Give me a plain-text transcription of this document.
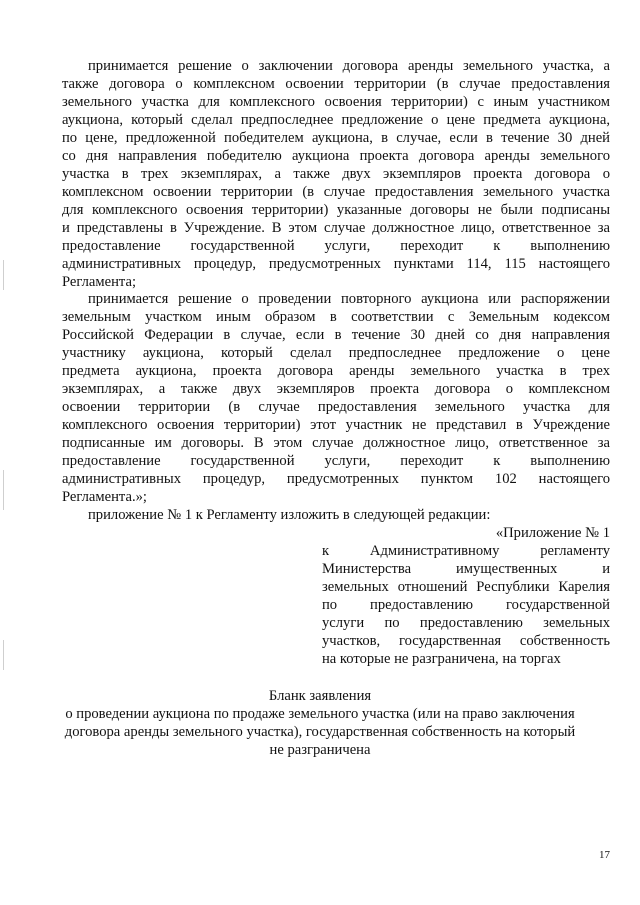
принимается решение о заключении договора аренды земельного участка, а
также договора о комплексном освоении территории (в случае предоставления
земельного участка для комплексного освоения территории) с иным участником
аукциона, который сделал предпоследнее предложение о цене предмета аукциона,
по цене, предложенной победителем аукциона, в случае, если в течение 30 дней
со дня направления победителю аукциона проекта договора аренды земельного
участка в трех экземплярах, а также двух экземпляров проекта договора о
комплексном освоении территории (в случае предоставления земельного участка
для комплексного освоения территории) указанные договоры не были подписаны
и представлены в Учреждение. В этом случае должностное лицо, ответственное за
предоставление государственной услуги, переходит к выполнению
административных процедур, предусмотренных пунктами 114, 115 настоящего
Регламента;
принимается решение о проведении повторного аукциона или распоряжении
земельным участком иным образом в соответствии с Земельным кодексом
Российской Федерации в случае, если в течение 30 дней со дня направления
участнику аукциона, который сделал предпоследнее предложение о цене
предмета аукциона, проекта договора аренды земельного участка в трех
экземплярах, а также двух экземпляров проекта договора о комплексном
освоении территории (в случае предоставления земельного участка для
комплексного освоения территории) этот участник не представил в Учреждение
подписанные им договоры. В этом случае должностное лицо, ответственное за
предоставление государственной услуги, переходит к выполнению
административных процедур, предусмотренных пунктом 102 настоящего
Регламента.»;
приложение № 1 к Регламенту изложить в следующей редакции:
«Приложение № 1
к Административному регламенту
Министерства имущественных и
земельных отношений Республики Карелия
по предоставлению государственной
услуги по предоставлению земельных
участков, государственная собственность
на которые не разграничена, на торгах
Бланк заявления
о проведении аукциона по продаже земельного участка (или на право заключения
договора аренды земельного участка), государственная собственность на который
не разграничена
17
